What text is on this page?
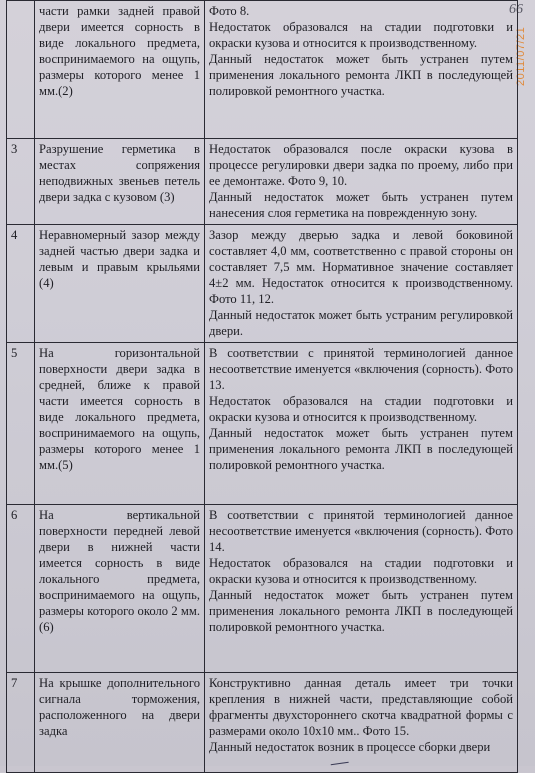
66
2011/07/21
	части рамки задней правой двери имеется сорность в виде локального предмета, воспринимаемого на ощупь, размеры которого менее 1 мм.(2)	Фото 8.

Недостаток образовался на стадии подготовки и окраски кузова и относится к производственному.

Данный недостаток может быть устранен путем применения локального ремонта ЛКП в последующей полировкой ремонтного участка.

3	Разрушение герметика в местах сопряжения неподвижных звеньев петель двери задка с кузовом (3)	Недостаток образовался после окраски кузова в процессе регулировки двери задка по проему, либо при ее демонтаже. Фото 9, 10.

Данный недостаток может быть устранен путем нанесения слоя герметика на поврежденную зону.

4	Неравномерный зазор между задней частью двери задка и левым и правым крыльями (4)	Зазор между дверью задка и левой боковиной составляет 4,0 мм, соответственно с правой стороны он составляет 7,5 мм. Нормативное значение составляет 4±2 мм. Недостаток относится к производственному. Фото 11, 12.

Данный недостаток может быть устраним регулировкой двери.

5	На горизонтальной поверхности двери задка в средней, ближе к правой части имеется сорность в виде локального предмета, воспринимаемого на ощупь, размеры которого менее 1 мм.(5)	В соответствии с принятой терминологией данное несоответствие именуется «включения (сорность). Фото 13.

Недостаток образовался на стадии подготовки и окраски кузова и относится к производственному.

Данный недостаток может быть устранен путем применения локального ремонта ЛКП в последующей полировкой ремонтного участка.

6	На вертикальной поверхности передней левой двери в нижней части имеется сорность в виде локального предмета, воспринимаемого на ощупь, размеры которого около 2 мм. (6)	В соответствии с принятой терминологией данное несоответствие именуется «включения (сорность). Фото 14.

Недостаток образовался на стадии подготовки и окраски кузова и относится к производственному.

Данный недостаток может быть устранен путем применения локального ремонта ЛКП в последующей полировкой ремонтного участка.

7	На крышке дополнительного сигнала торможения, расположенного на двери задка	Конструктивно данная деталь имеет три точки крепления в нижней части, представляющие собой фрагменты двухстороннего скотча квадратной формы с размерами около 10х10 мм.. Фото 15.

Данный недостаток возник в процессе сборки двери
